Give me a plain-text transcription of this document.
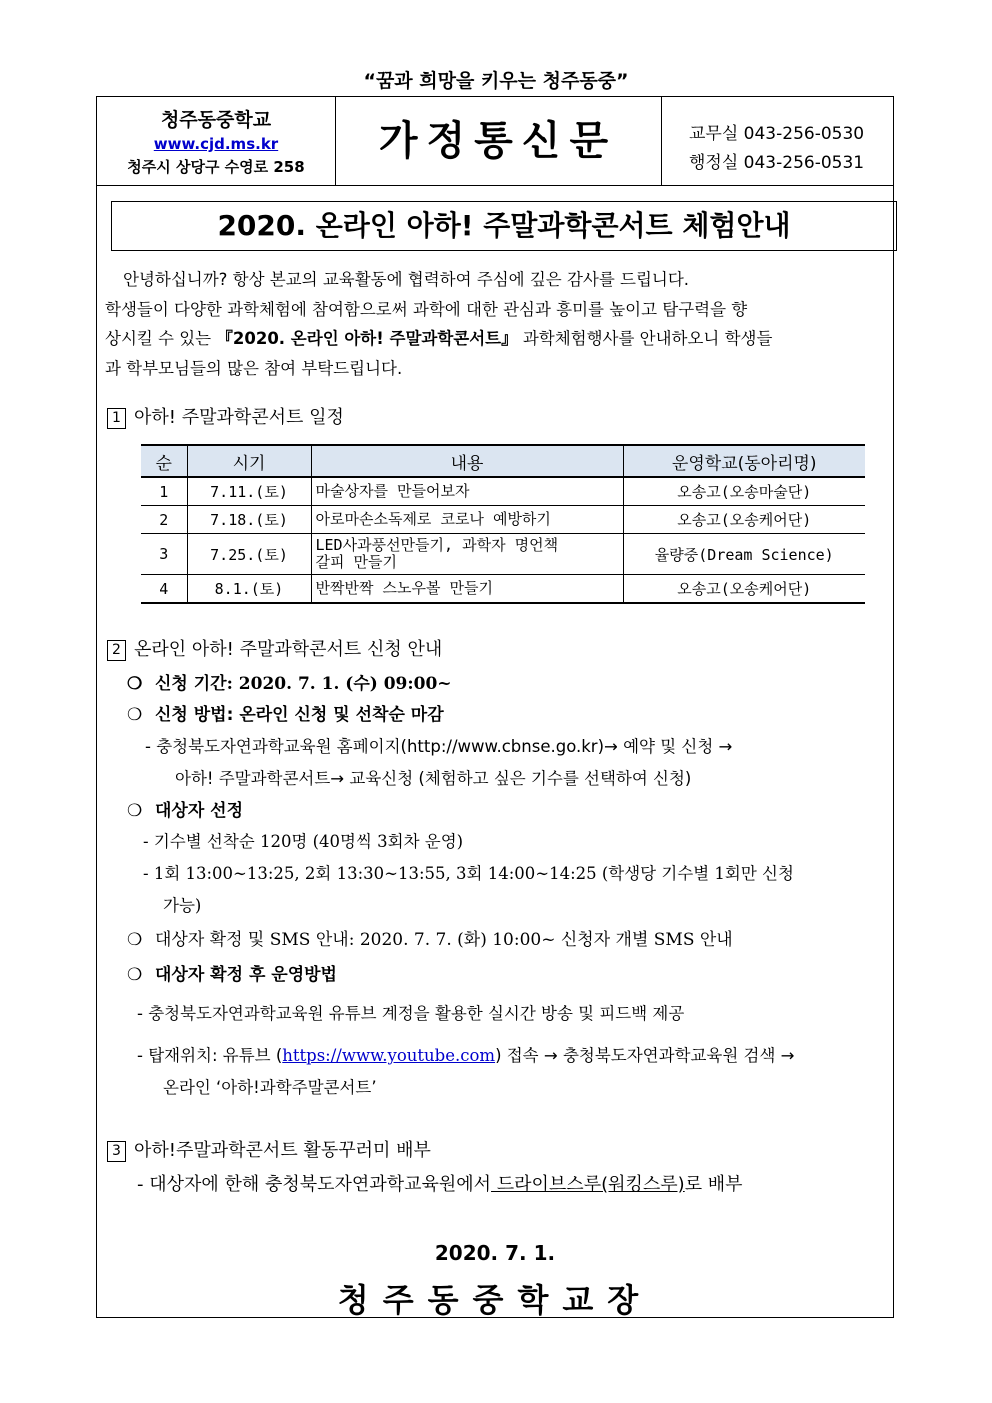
“꿈과 희망을 키우는 청주동중”
청주동중학교
www.cjd.ms.kr
청주시 상당구 수영로 258
가정통신문	교무실 043-256-0530
행정실 043-256-0531
2020. 온라인 아하! 주말과학콘서트 체험안내

안녕하십니까? 항상 본교의 교육활동에 협력하여 주심에 깊은 감사를 드립니다.

학생들이 다양한 과학체험에 참여함으로써 과학에 대한 관심과 흥미를 높이고 탐구력을 향

상시킬 수 있는 『2020. 온라인 아하! 주말과학콘서트』 과학체험행사를 안내하오니 학생들

과 학부모님들의 많은 참여 부탁드립니다.

1 아하! 주말과학콘서트 일정
순	시기	내용	운영학교(동아리명)
1	7.11.(토)	마술상자를 만들어보자	오송고(오송마술단)
2	7.18.(토)	아로마손소독제로 코로나 예방하기	오송고(오송케어단)
3	7.25.(토)	LED사과풍선만들기, 과학자 명언책
갈피 만들기	율량중(Dream Science)
4	8.1.(토)	반짝반짝 스노우볼 만들기	오송고(오송케어단)
2 온라인 아하! 주말과학콘서트 신청 안내
❍ 신청 기간: 2020. 7. 1. (수) 09:00~
❍ 신청 방법: 온라인 신청 및 선착순 마감
- 충청북도자연과학교육원 홈페이지(http://www.cbnse.go.kr)→ 예약 및 신청 →
아하! 주말과학콘서트→ 교육신청 (체험하고 싶은 기수를 선택하여 신청)
❍ 대상자 선정
- 기수별 선착순 120명 (40명씩 3회차 운영)
- 1회 13:00∼13:25, 2회 13:30∼13:55, 3회 14:00∼14:25 (학생당 기수별 1회만 신청
가능)
❍ 대상자 확정 및 SMS 안내: 2020. 7. 7. (화) 10:00~ 신청자 개별 SMS 안내
❍ 대상자 확정 후 운영방법
- 충청북도자연과학교육원 유튜브 계정을 활용한 실시간 방송 및 피드백 제공
- 탑재위치: 유튜브 (https://www.youtube.com) 접속 → 충청북도자연과학교육원 검색 →
온라인 ‘아하!과학주말콘서트’
3 아하!주말과학콘서트 활동꾸러미 배부
- 대상자에 한해 충청북도자연과학교육원에서 드라이브스루(워킹스루)로 배부
2020. 7. 1.
청주동중학교장
